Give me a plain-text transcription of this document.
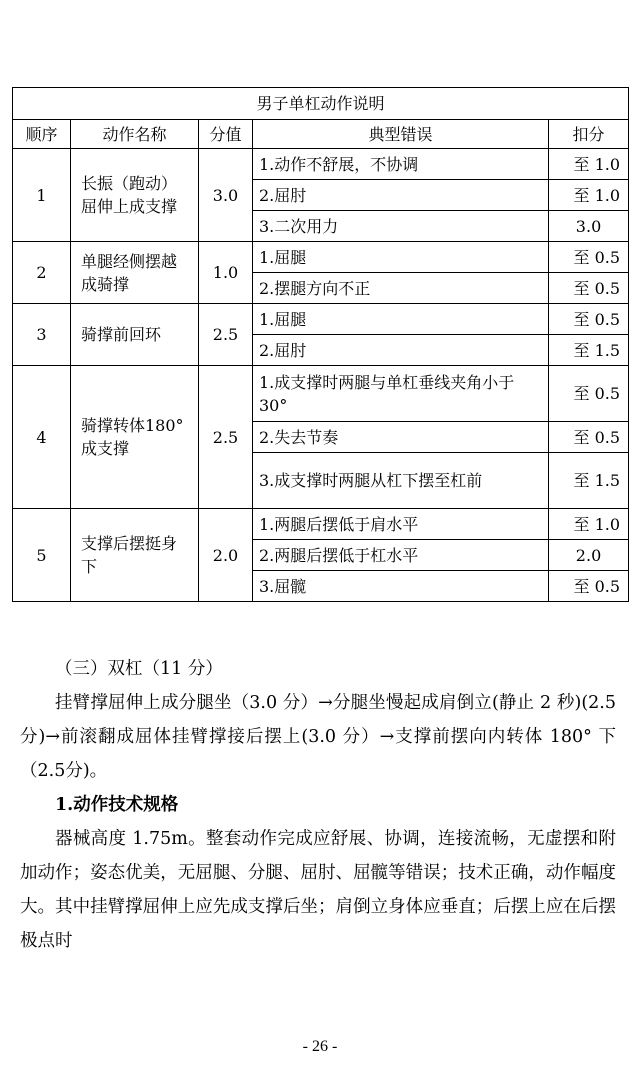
男子单杠动作说明				
顺序	动作名称	分值	典型错误	扣分
1	长振（跑动）屈伸上成支撑	3.0	1.动作不舒展，不协调	至 1.0
			2.屈肘	至 1.0
			3.二次用力	3.0
2	单腿经侧摆越成骑撑	1.0	1.屈腿	至 0.5
			2.摆腿方向不正	至 0.5
3	骑撑前回环	2.5	1.屈腿	至 0.5
			2.屈肘	至 1.5
4	骑撑转体180° 成支撑	2.5	1.成支撑时两腿与单杠垂线夹角小于 30°	至 0.5
			2.失去节奏	至 0.5
			3.成支撑时两腿从杠下摆至杠前	至 1.5
5	支撑后摆挺身下	2.0	1.两腿后摆低于肩水平	至 1.0
			2.两腿后摆低于杠水平	2.0
			3.屈髋	至 0.5

（三）双杠（11 分）

挂臂撑屈伸上成分腿坐（3.0 分）→分腿坐慢起成肩倒立(静止 2 秒)(2.5 分)→前滚翻成屈体挂臂撑接后摆上(3.0 分）→支撑前摆向内转体 180° 下（2.5分)。

1.动作技术规格

器械高度 1.75m。整套动作完成应舒展、协调，连接流畅，无虚摆和附加动作；姿态优美，无屈腿、分腿、屈肘、屈髋等错误；技术正确，动作幅度大。其中挂臂撑屈伸上应先成支撑后坐；肩倒立身体应垂直；后摆上应在后摆极点时

- 26 -
